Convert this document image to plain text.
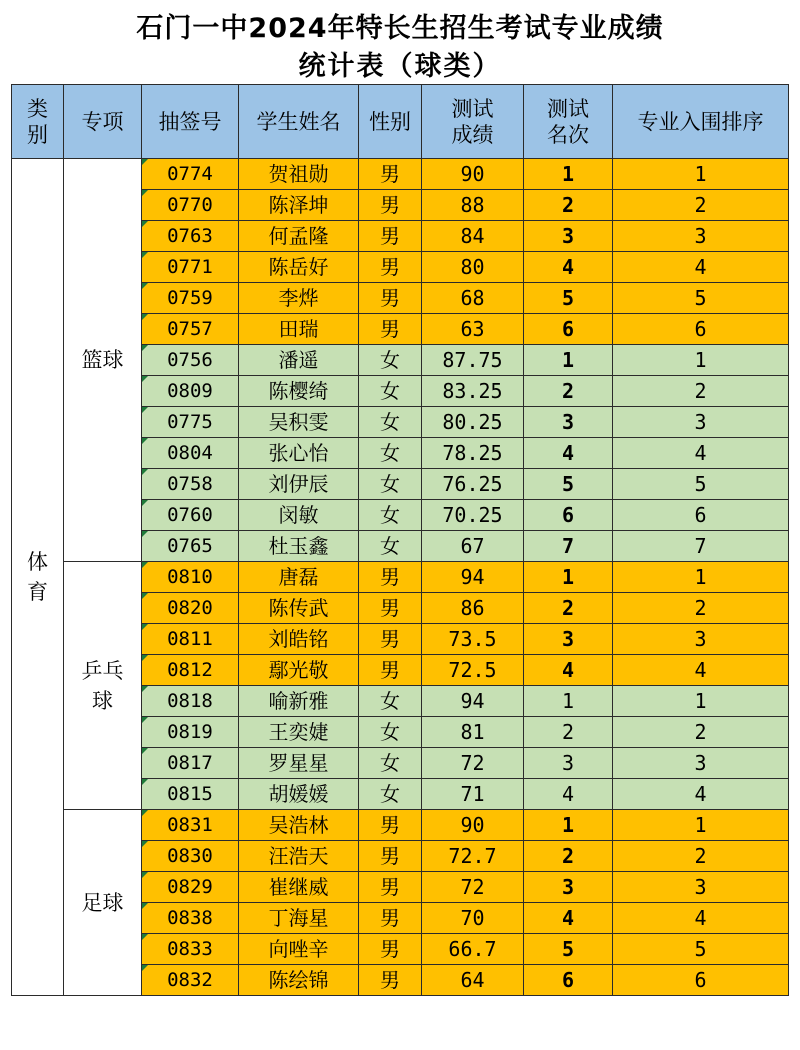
石门一中2024年特长生招生考试专业成绩
统计表（球类）
类别	专项	抽签号	学生姓名	性别	测试成绩	测试名次	专业入围排序

体育	篮球	0774	贺祖勋	男	90	1	1
		0770	陈泽坤	男	88	2	2
		0763	何孟隆	男	84	3	3
		0771	陈岳好	男	80	4	4
		0759	李烨	男	68	5	5
		0757	田瑞	男	63	6	6
		0756	潘遥	女	87.75	1	1
		0809	陈樱绮	女	83.25	2	2
		0775	吴积雯	女	80.25	3	3
		0804	张心怡	女	78.25	4	4
		0758	刘伊辰	女	76.25	5	5
		0760	闵敏	女	70.25	6	6
		0765	杜玉鑫	女	67	7	7

	乒乓球	0810	唐磊	男	94	1	1
		0820	陈传武	男	86	2	2
		0811	刘皓铭	男	73.5	3	3
		0812	鄢光敬	男	72.5	4	4
		0818	喻新雅	女	94	1	1
		0819	王奕婕	女	81	2	2
		0817	罗星星	女	72	3	3
		0815	胡媛媛	女	71	4	4

	足球	0831	吴浩林	男	90	1	1
		0830	汪浩天	男	72.7	2	2
		0829	崔继威	男	72	3	3
		0838	丁海星	男	70	4	4
		0833	向唑辛	男	66.7	5	5
		0832	陈绘锦	男	64	6	6
